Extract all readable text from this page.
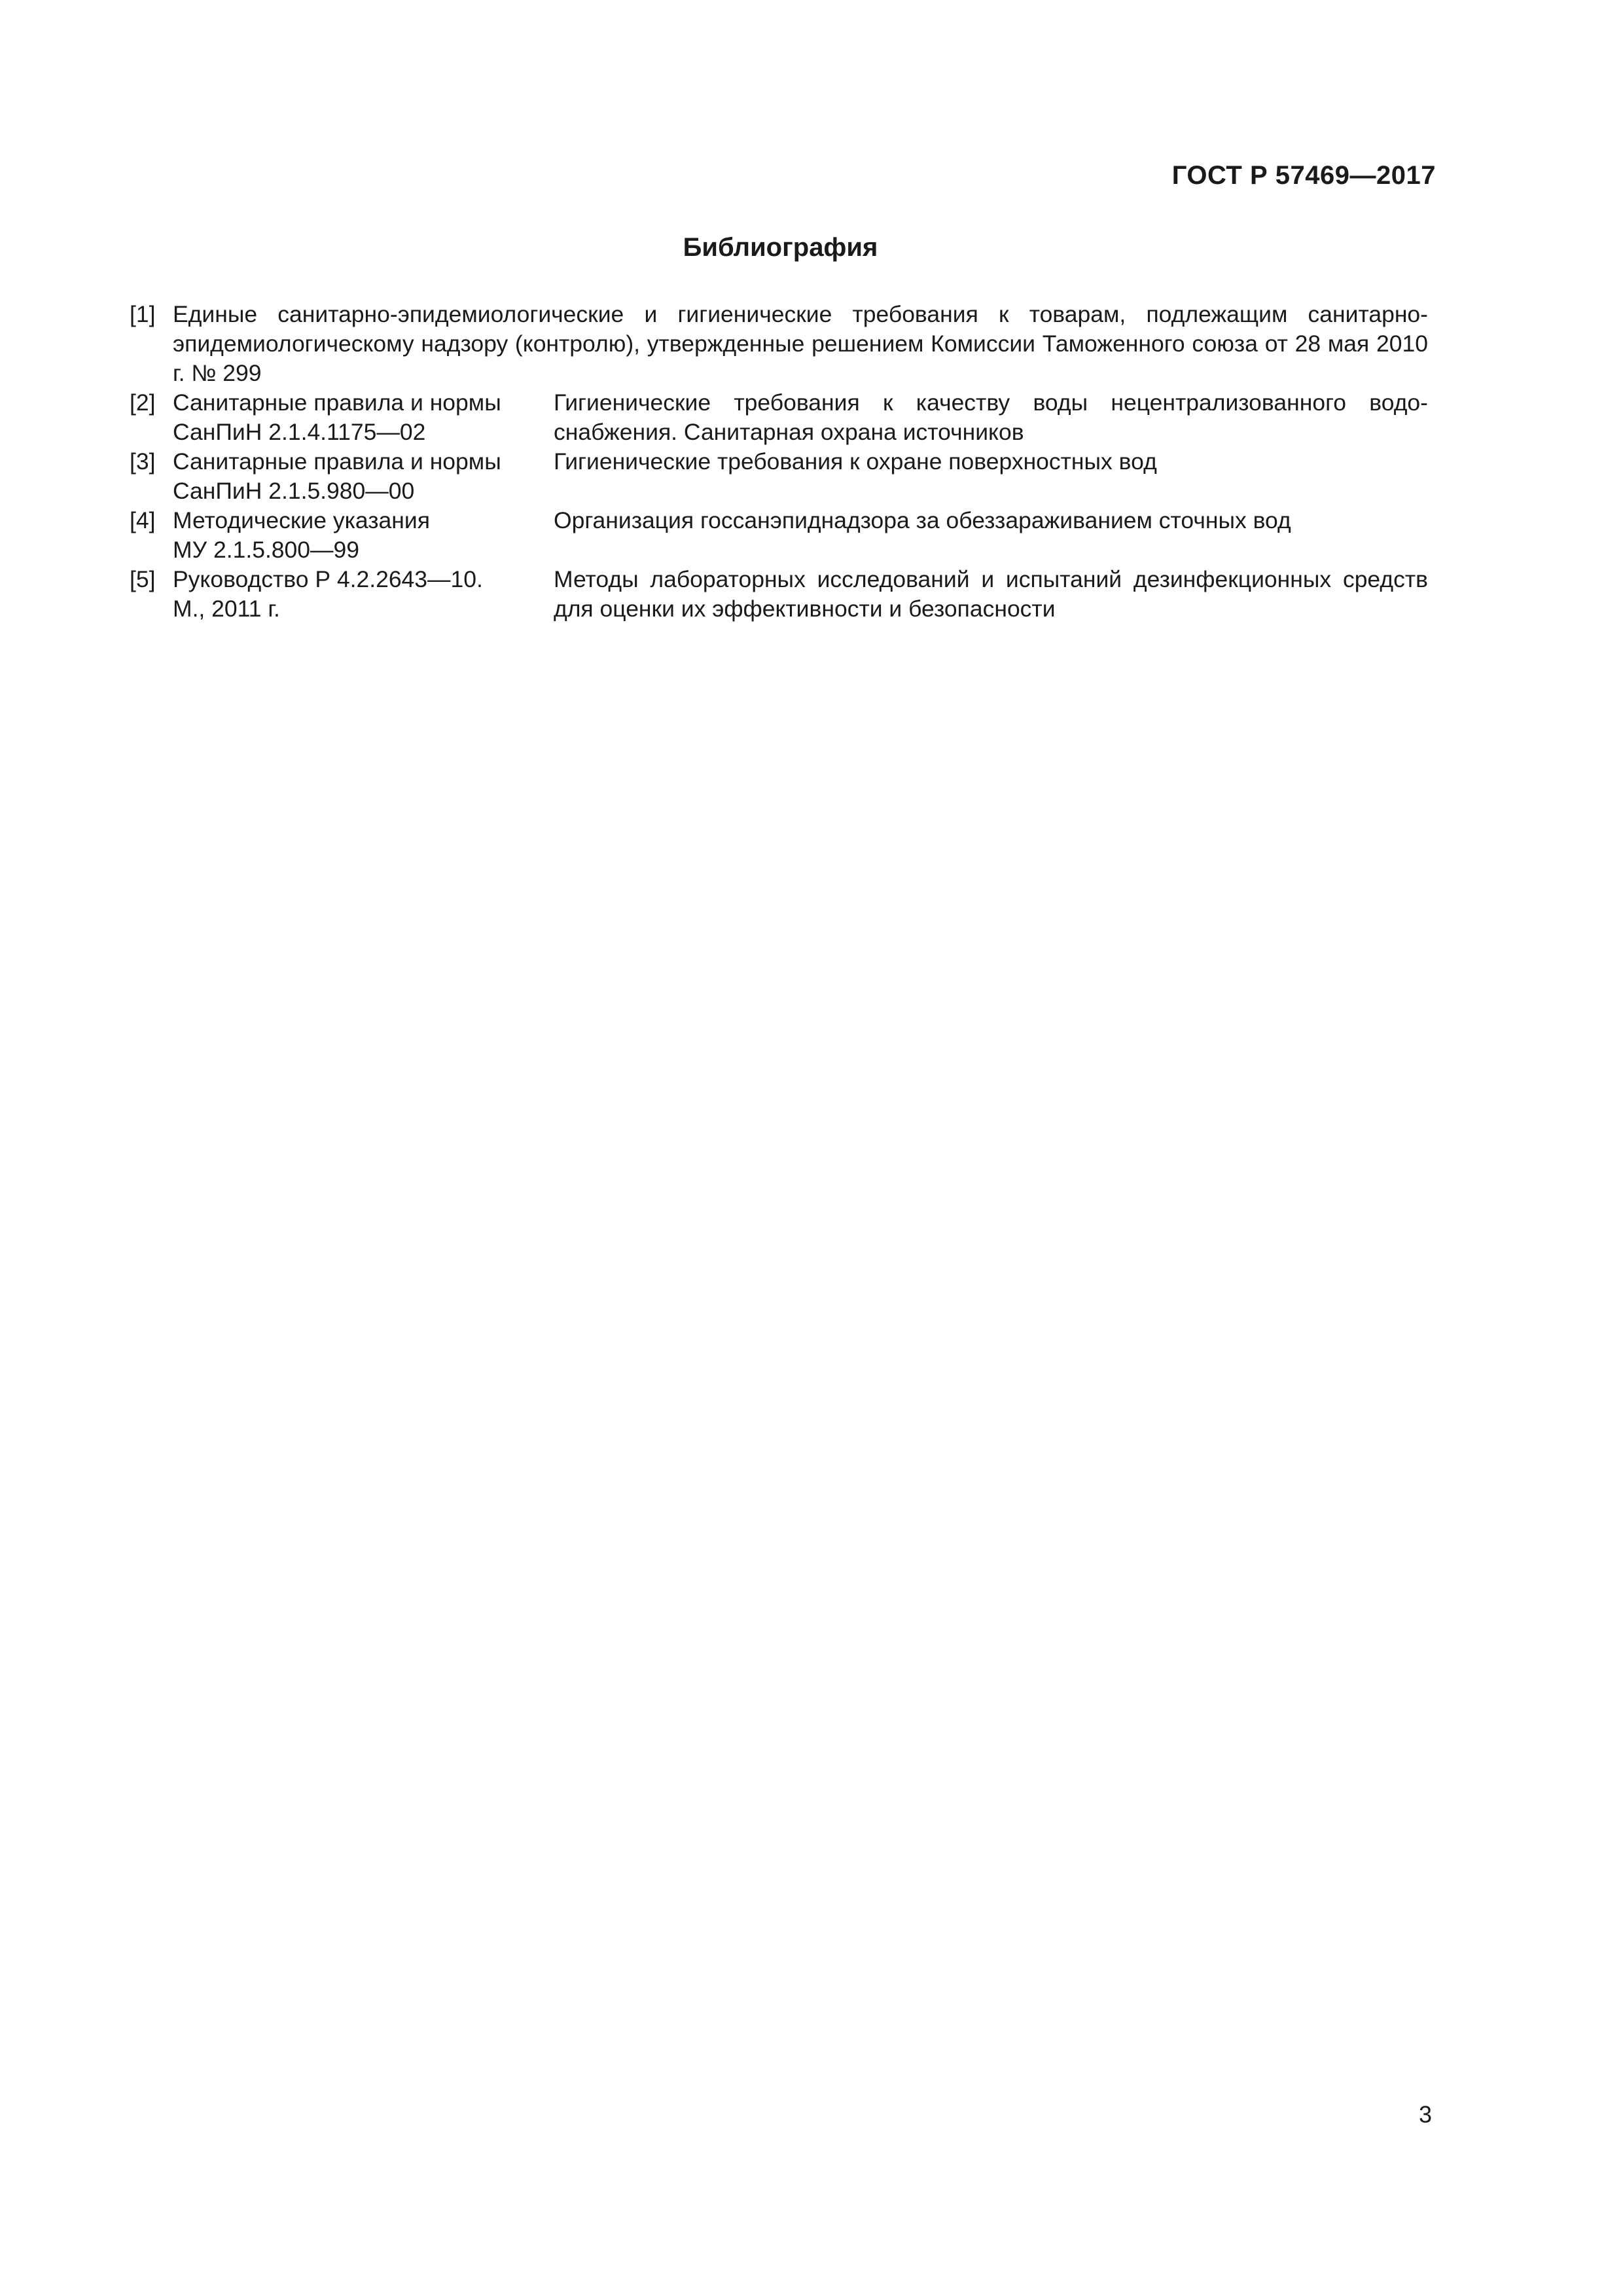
ГОСТ Р 57469—2017
Библиография
[1] Единые санитарно-эпидемиологические и гигиенические требования к товарам, подлежащим санитарно- эпидемиологическому надзору (контролю), утвержденные решением Комиссии Таможенного союза от 28 мая 2010 г. № 299
[2] Санитарные правила и нормы
СанПиН 2.1.4.1175—02
Гигиенические требования к качеству воды нецентрализованного водо-снабжения. Санитарная охрана источников
[3] Санитарные правила и нормы
СанПиН 2.1.5.980—00
Гигиенические требования к охране поверхностных вод
[4] Методические указания
МУ 2.1.5.800—99
Организация госсанэпиднадзора за обеззараживанием сточных вод
[5] Руководство Р 4.2.2643—10.
М., 2011 г.
Методы лабораторных исследований и испытаний дезинфекционных средств для оценки их эффективности и безопасности
3
